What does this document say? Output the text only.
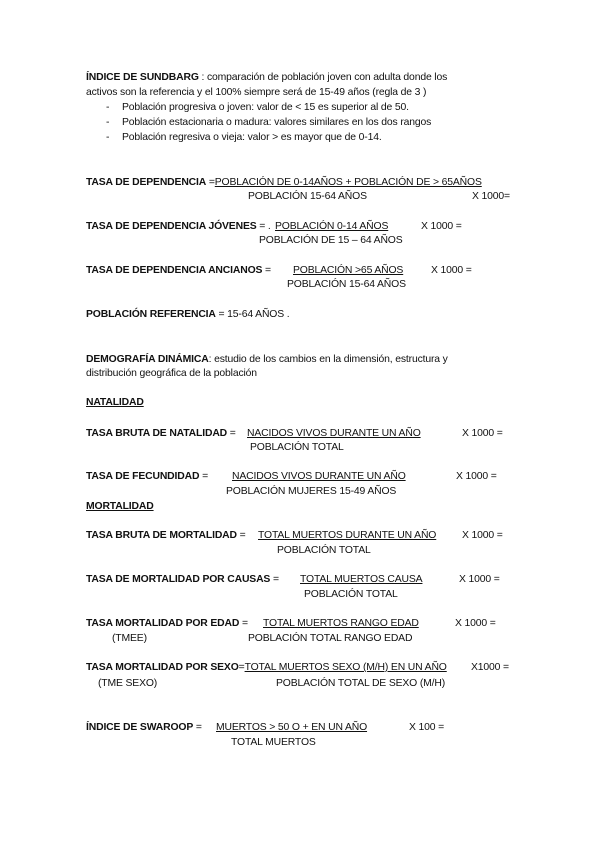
ÍNDICE DE SUNDBARG : comparación de población joven con adulta donde los
activos son la referencia y el 100% siempre será de 15-49 años (regla de 3 )
- Población progresiva o joven: valor de < 15 es superior al de 50.
- Población estacionaria o madura: valores similares en los dos rangos
- Población regresiva o vieja: valor > es mayor que de 0-14.
TASA DE DEPENDENCIA =POBLACIÓN DE 0-14AÑOS + POBLACIÓN DE > 65AÑOS
POBLACIÓN 15-64 AÑOS	X 1000=
TASA DE DEPENDENCIA JÓVENES = . POBLACIÓN 0-14 AÑOS	X 1000 =
POBLACIÓN DE 15 – 64 AÑOS
TASA DE DEPENDENCIA ANCIANOS = POBLACIÓN >65 AÑOS	X 1000 =
POBLACIÓN 15-64 AÑOS
POBLACIÓN REFERENCIA = 15-64 AÑOS .
DEMOGRAFÍA DINÁMICA: estudio de los cambios en la dimensión, estructura y
distribución geográfica de la población
NATALIDAD
TASA BRUTA DE NATALIDAD = NACIDOS VIVOS DURANTE UN AÑO	X 1000 =
POBLACIÓN TOTAL
TASA DE FECUNDIDAD = NACIDOS VIVOS DURANTE UN AÑO	X 1000 =
POBLACIÓN MUJERES 15-49 AÑOS
MORTALIDAD
TASA BRUTA DE MORTALIDAD = TOTAL MUERTOS DURANTE UN AÑO X 1000 =
POBLACIÓN TOTAL
TASA DE MORTALIDAD POR CAUSAS = TOTAL MUERTOS CAUSA	X 1000 =
POBLACIÓN TOTAL
TASA MORTALIDAD POR EDAD = TOTAL MUERTOS RANGO EDAD	X 1000 =
(TMEE)	POBLACIÓN TOTAL RANGO EDAD
TASA MORTALIDAD POR SEXO=TOTAL MUERTOS SEXO (M/H) EN UN AÑO X1000 =
(TME SEXO)	POBLACIÓN TOTAL DE SEXO (M/H)
ÍNDICE DE SWAROOP = MUERTOS > 50 O + EN UN AÑO	X 100 =
TOTAL MUERTOS
